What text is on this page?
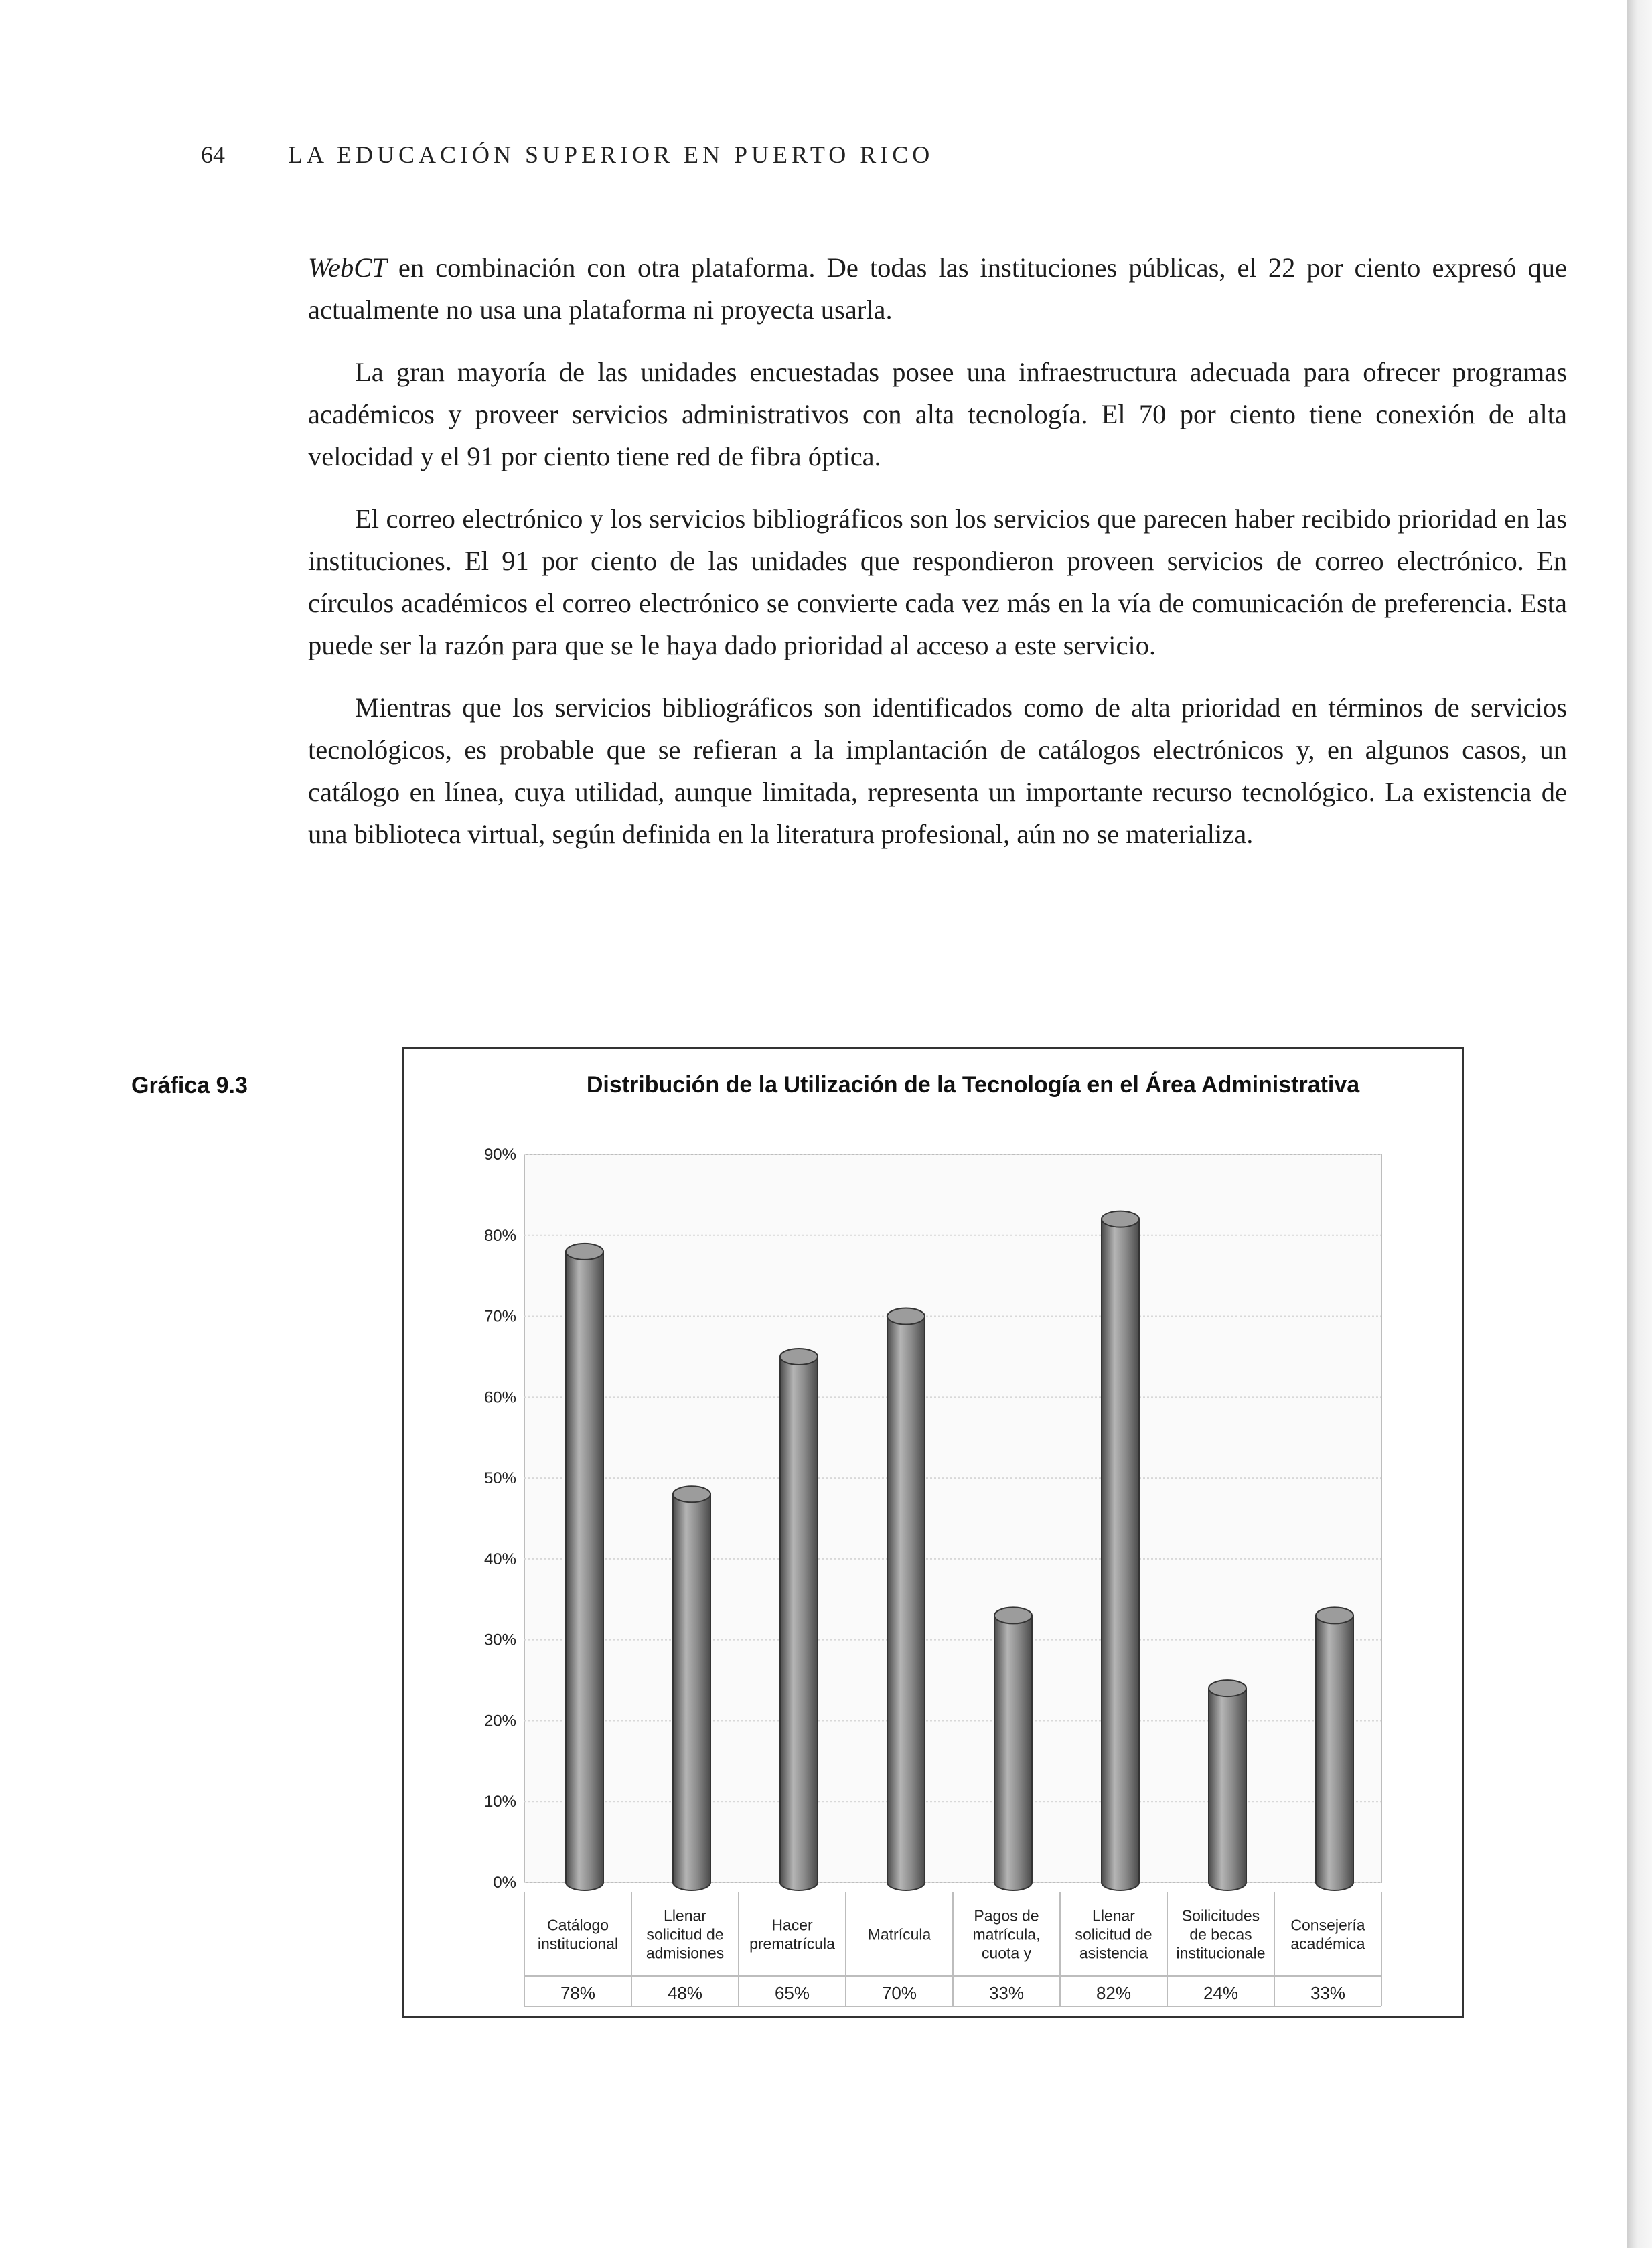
64	LA EDUCACIÓN SUPERIOR EN PUERTO RICO

WebCT en combinación con otra plataforma. De todas las instituciones públicas, el 22 por ciento expresó que actualmente no usa una plataforma ni proyecta usarla.

La gran mayoría de las unidades encuestadas posee una infraestructura adecuada para ofrecer programas académicos y proveer servicios administrativos con alta tecnología. El 70 por ciento tiene conexión de alta velocidad y el 91 por ciento tiene red de fibra óptica.

El correo electrónico y los servicios bibliográficos son los servicios que parecen haber recibido prioridad en las instituciones. El 91 por ciento de las unidades que respondieron proveen servicios de correo electrónico. En círculos académicos el correo electrónico se convierte cada vez más en la vía de comunicación de preferencia. Esta puede ser la razón para que se le haya dado prioridad al acceso a este servicio.

Mientras que los servicios bibliográficos son identificados como de alta prioridad en términos de servicios tecnológicos, es probable que se refieran a la implantación de catálogos electrónicos y, en algunos casos, un catálogo en línea, cuya utilidad, aunque limitada, representa un importante recurso tecnológico. La existencia de una biblioteca virtual, según definida en la literatura profesional, aún no se materializa.

Gráfica 9.3	Distribución de la Utilización de la Tecnología en el Área Administrativa
0%
10%
20%
30%
40%
50%
60%
70%
80%
90%
Catálogo
institucional
78%
Llenar
solicitud de
admisiones
48%
Hacer
prematrícula
65%
Matrícula
70%
Pagos de
matrícula,
cuota y
33%
Llenar
solicitud de
asistencia
82%
Soilicitudes
de becas
institucionale
24%
Consejería
académica
33%
